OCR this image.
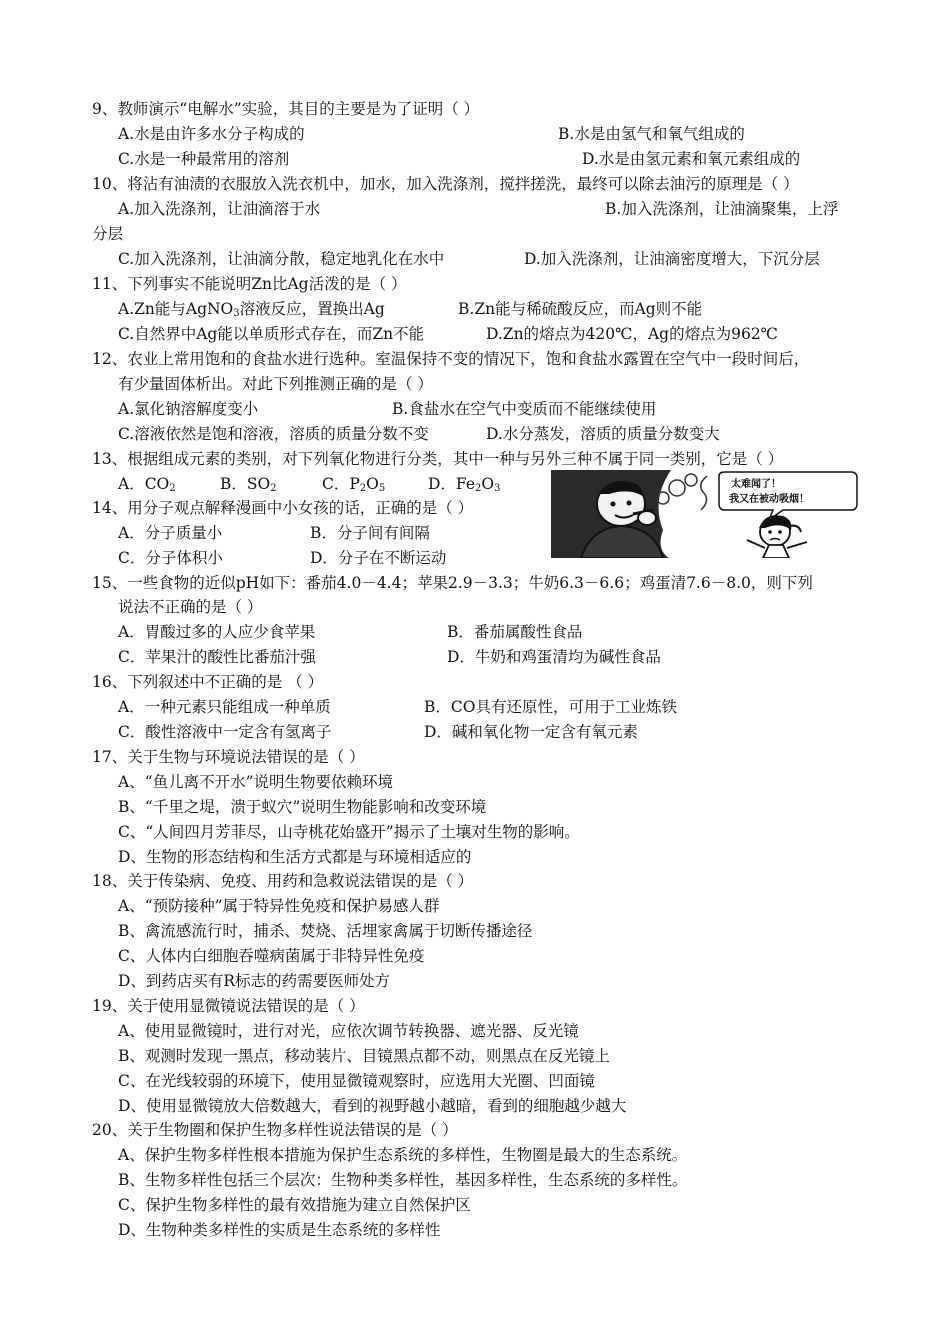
9、教师演示“电解水”实验，其目的主要是为了证明（ ）
A.水是由许多水分子构成的	B.水是由氢气和氧气组成的
C.水是一种最常用的溶剂	D.水是由氢元素和氧元素组成的
10、将沾有油渍的衣服放入洗衣机中，加水，加入洗涤剂，搅拌搓洗，最终可以除去油污的原理是（ ）
A.加入洗涤剂，让油滴溶于水	B.加入洗涤剂，让油滴聚集，上浮
分层
C.加入洗涤剂，让油滴分散，稳定地乳化在水中	D.加入洗涤剂，让油滴密度增大，下沉分层
11、下列事实不能说明Zn比Ag活泼的是（ ）
A.Zn能与AgNO$_3$溶液反应，置换出Ag	B.Zn能与稀硫酸反应，而Ag则不能
C.自然界中Ag能以单质形式存在，而Zn不能	D.Zn的熔点为420℃，Ag的熔点为962℃
12、农业上常用饱和的食盐水进行选种。室温保持不变的情况下，饱和食盐水露置在空气中一段时间后，
有少量固体析出。对此下列推测正确的是（ ）
A.氯化钠溶解度变小	B.食盐水在空气中变质而不能继续使用
C.溶液依然是饱和溶液，溶质的质量分数不变	D.水分蒸发，溶质的质量分数变大
13、根据组成元素的类别，对下列氧化物进行分类，其中一种与另外三种不属于同一类别，它是（ ）
A．$CO_2$	B．$SO_2$	C．$P_2O_5$	D．$Fe_2O_3$
14、用分子观点解释漫画中小女孩的话，正确的是（ ）
A．分子质量小	B．分子间有间隔
C．分子体积小	D．分子在不断运动
太难闻了！
我又在被动吸烟！
15、一些食物的近似pH如下：番茄4.0－4.4；苹果2.9－3.3；牛奶6.3－6.6；鸡蛋清7.6－8.0，则下列
说法不正确的是（ ）
A．胃酸过多的人应少食苹果	B．番茄属酸性食品
C．苹果汁的酸性比番茄汁强	D．牛奶和鸡蛋清均为碱性食品
16、下列叙述中不正确的是 （ ）
A．一种元素只能组成一种单质	B．CO具有还原性，可用于工业炼铁
C．酸性溶液中一定含有氢离子	D．碱和氧化物一定含有氧元素
17、关于生物与环境说法错误的是（ ）
A、“鱼儿离不开水”说明生物要依赖环境
B、“千里之堤，溃于蚁穴”说明生物能影响和改变环境
C、“人间四月芳菲尽，山寺桃花始盛开”揭示了土壤对生物的影响。
D、生物的形态结构和生活方式都是与环境相适应的
18、关于传染病、免疫、用药和急救说法错误的是（ ）
A、“预防接种”属于特异性免疫和保护易感人群
B、禽流感流行时，捕杀、焚烧、活埋家禽属于切断传播途径
C、人体内白细胞吞噬病菌属于非特异性免疫
D、到药店买有R标志的药需要医师处方
19、关于使用显微镜说法错误的是（ ）
A、使用显微镜时，进行对光，应依次调节转换器、遮光器、反光镜
B、观测时发现一黑点，移动装片、目镜黑点都不动，则黑点在反光镜上
C、在光线较弱的环境下，使用显微镜观察时，应选用大光圈、凹面镜
D、使用显微镜放大倍数越大，看到的视野越小越暗，看到的细胞越少越大
20、关于生物圈和保护生物多样性说法错误的是（ ）
A、保护生物多样性根本措施为保护生态系统的多样性，生物圈是最大的生态系统。
B、生物多样性包括三个层次：生物种类多样性，基因多样性，生态系统的多样性。
C、保护生物多样性的最有效措施为建立自然保护区
D、生物种类多样性的实质是生态系统的多样性
